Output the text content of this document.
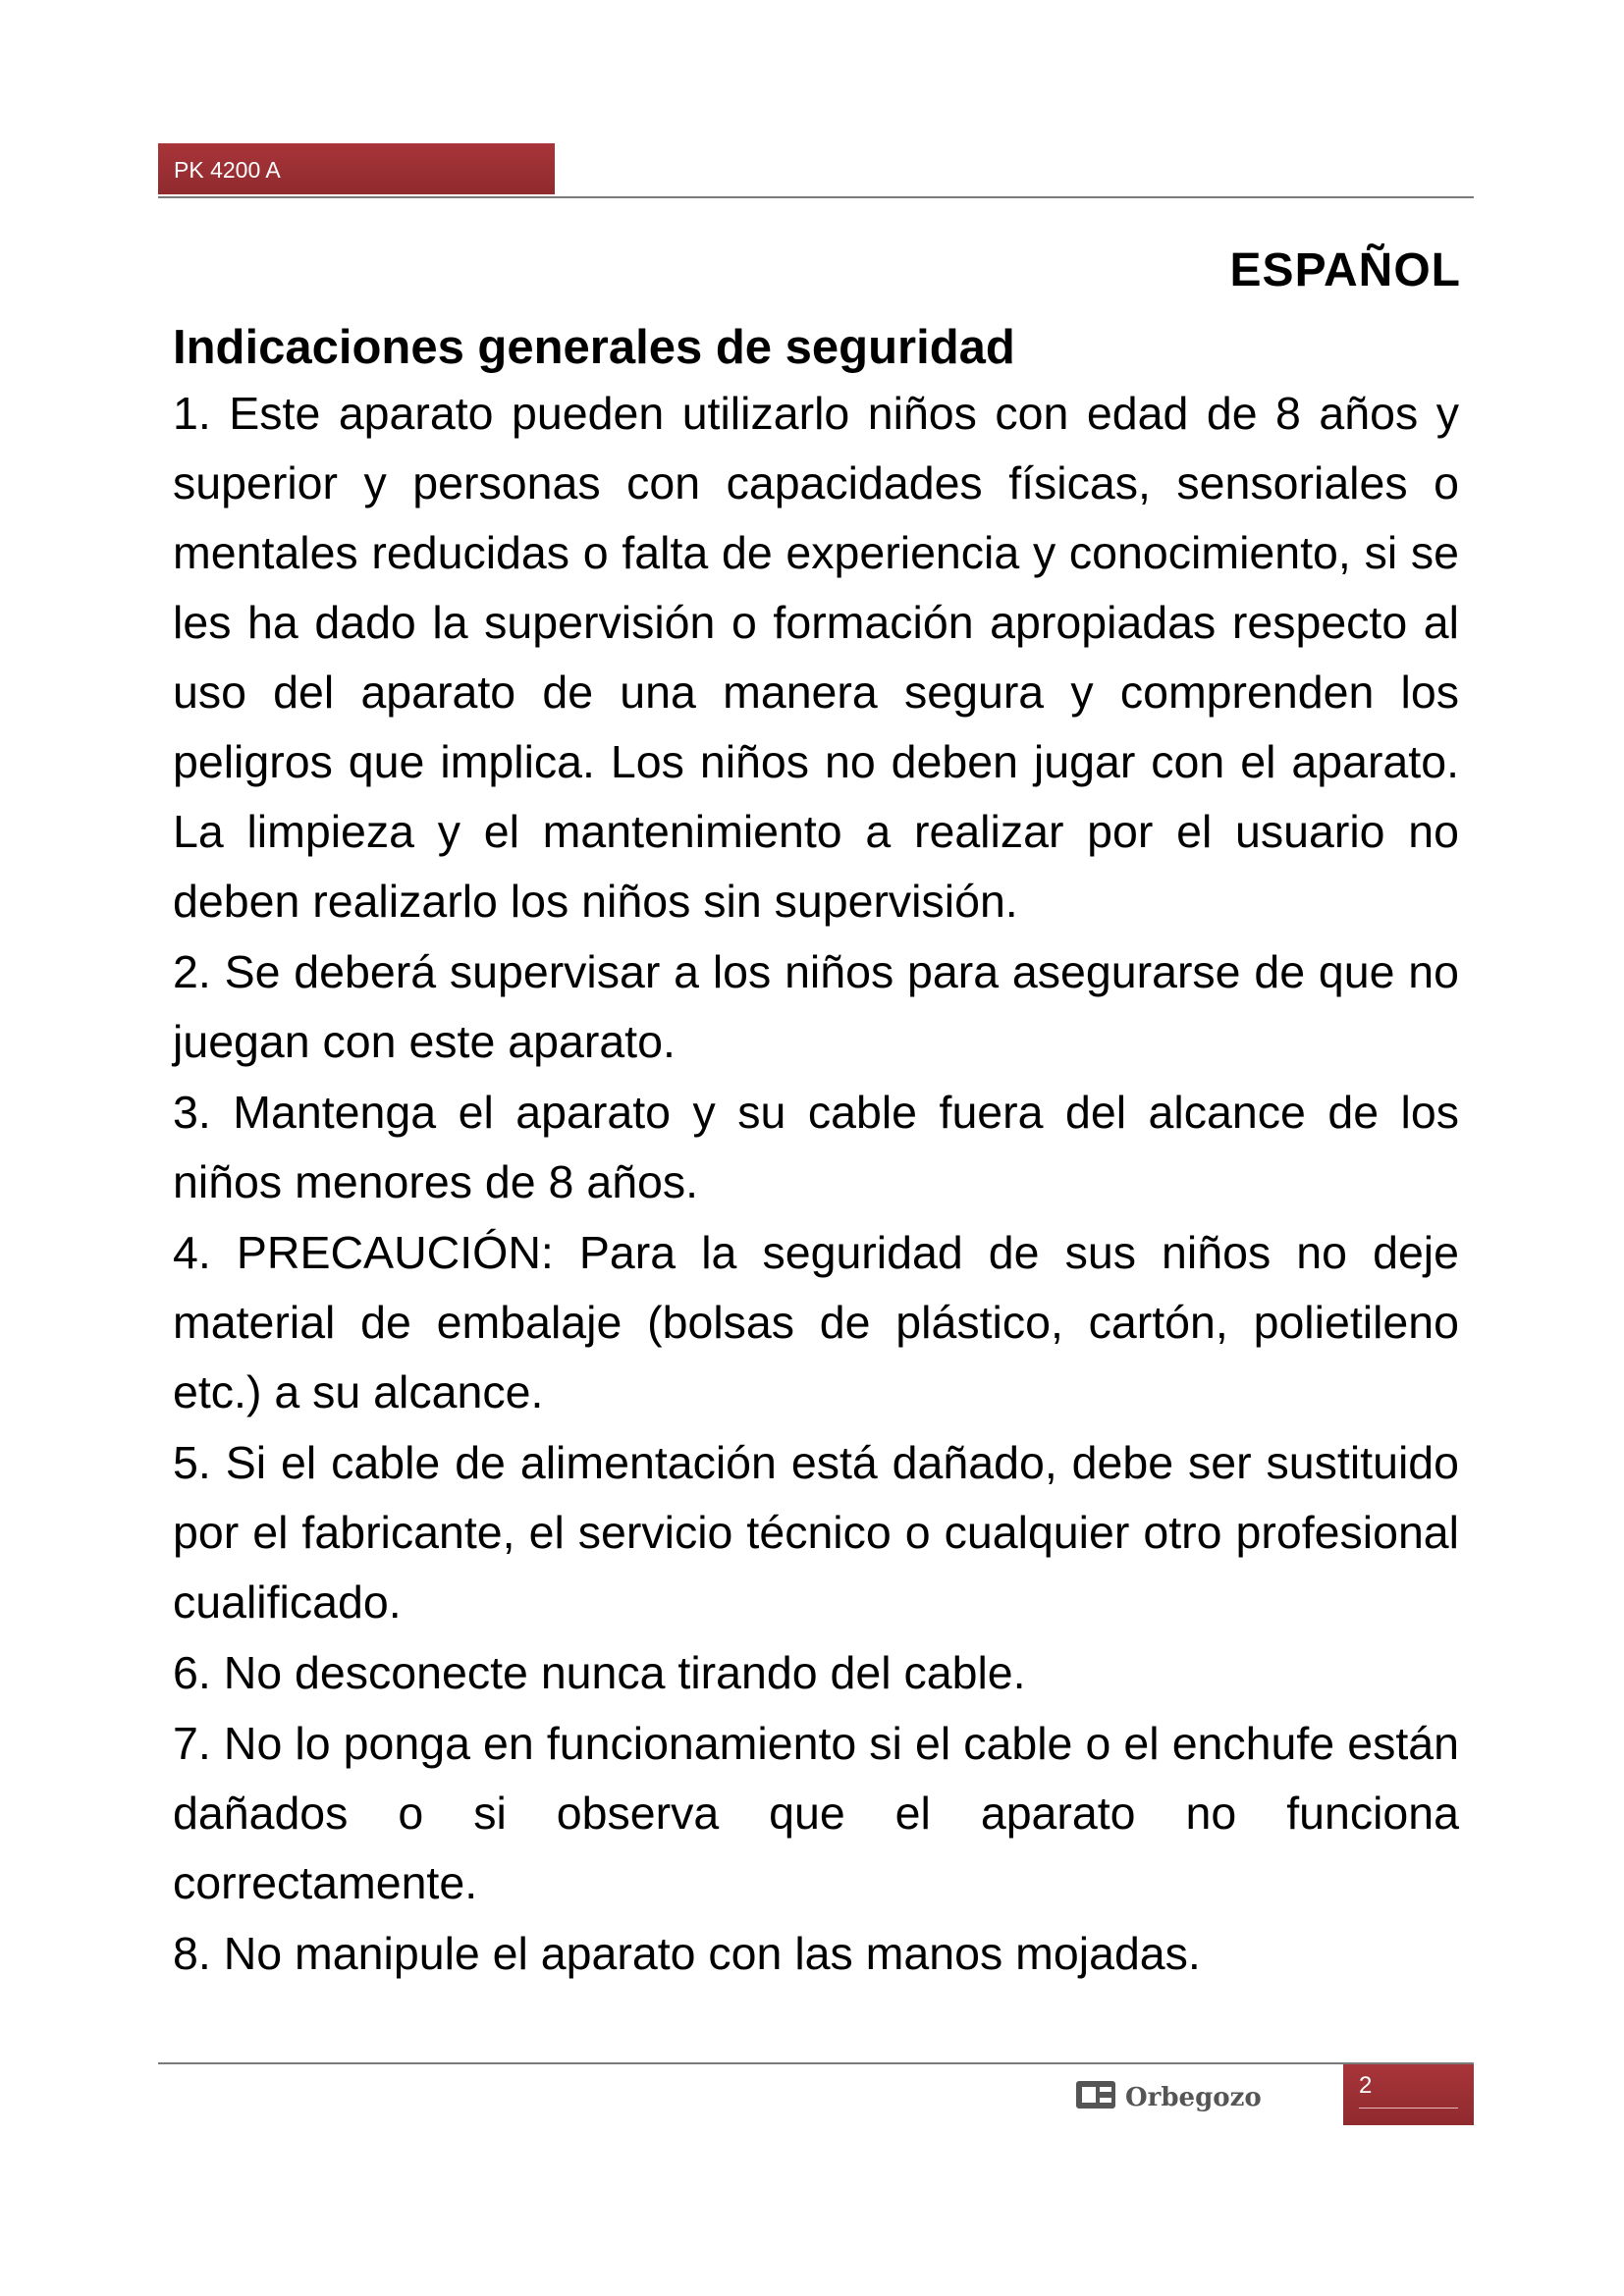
PK 4200 A
ESPAÑOL
Indicaciones generales de seguridad

1. Este aparato pueden utilizarlo niños con edad de 8 años y superior y personas con capacidades físicas, sensoriales o mentales reducidas o falta de experiencia y conocimiento, si se les ha dado la supervisión o formación apropiadas respecto al uso del aparato de una manera segura y comprenden los peligros que implica. Los niños no deben jugar con el aparato. La limpieza y el mantenimiento a realizar por el usuario no deben realizarlo los niños sin supervisión.

2. Se deberá supervisar a los niños para asegurarse de que no juegan con este aparato.

3. Mantenga el aparato y su cable fuera del alcance de los niños menores de 8 años.

4. PRECAUCIÓN: Para la seguridad de sus niños no deje material de embalaje (bolsas de plástico, cartón, polietileno etc.) a su alcance.

5. Si el cable de alimentación está dañado, debe ser sustituido por el fabricante, el servicio técnico o cualquier otro profesional cualificado.

6. No desconecte nunca tirando del cable.

7. No lo ponga en funcionamiento si el cable o el enchufe están dañados o si observa que el aparato no funciona correctamente.

8. No manipule el aparato con las manos mojadas.

Orbegozo	2
